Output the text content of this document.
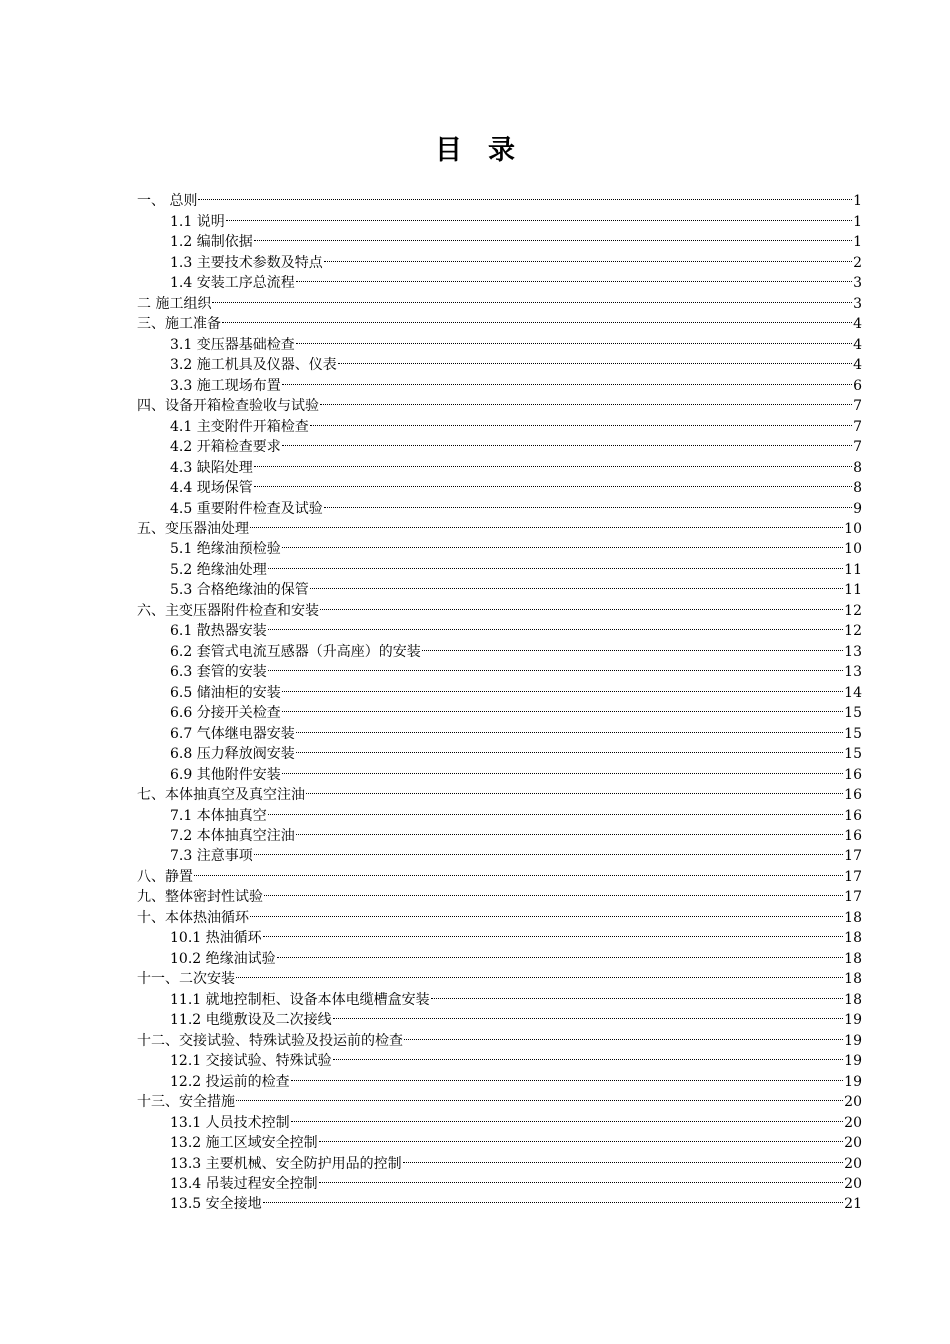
目 录
一、 总则	1
1.1 说明	1
1.2 编制依据	1
1.3 主要技术参数及特点	2
1.4 安装工序总流程	3
二 施工组织	3
三、施工准备	4
3.1 变压器基础检查	4
3.2 施工机具及仪器、仪表	4
3.3 施工现场布置	6
四、设备开箱检查验收与试验	7
4.1 主变附件开箱检查	7
4.2 开箱检查要求	7
4.3 缺陷处理	8
4.4 现场保管	8
4.5 重要附件检查及试验	9
五、变压器油处理	10
5.1 绝缘油预检验	10
5.2 绝缘油处理	11
5.3 合格绝缘油的保管	11
六、主变压器附件检查和安装	12
6.1 散热器安装	12
6.2 套管式电流互感器（升高座）的安装	13
6.3 套管的安装	13
6.5 储油柜的安装	14
6.6 分接开关检查	15
6.7 气体继电器安装	15
6.8 压力释放阀安装	15
6.9 其他附件安装	16
七、本体抽真空及真空注油	16
7.1 本体抽真空	16
7.2 本体抽真空注油	16
7.3 注意事项	17
八、静置	17
九、整体密封性试验	17
十、本体热油循环	18
10.1 热油循环	18
10.2 绝缘油试验	18
十一、二次安装	18
11.1 就地控制柜、设备本体电缆槽盒安装	18
11.2 电缆敷设及二次接线	19
十二、交接试验、特殊试验及投运前的检查	19
12.1 交接试验、特殊试验	19
12.2 投运前的检查	19
十三、安全措施	20
13.1 人员技术控制	20
13.2 施工区域安全控制	20
13.3 主要机械、安全防护用品的控制	20
13.4 吊装过程安全控制	20
13.5 安全接地	21
